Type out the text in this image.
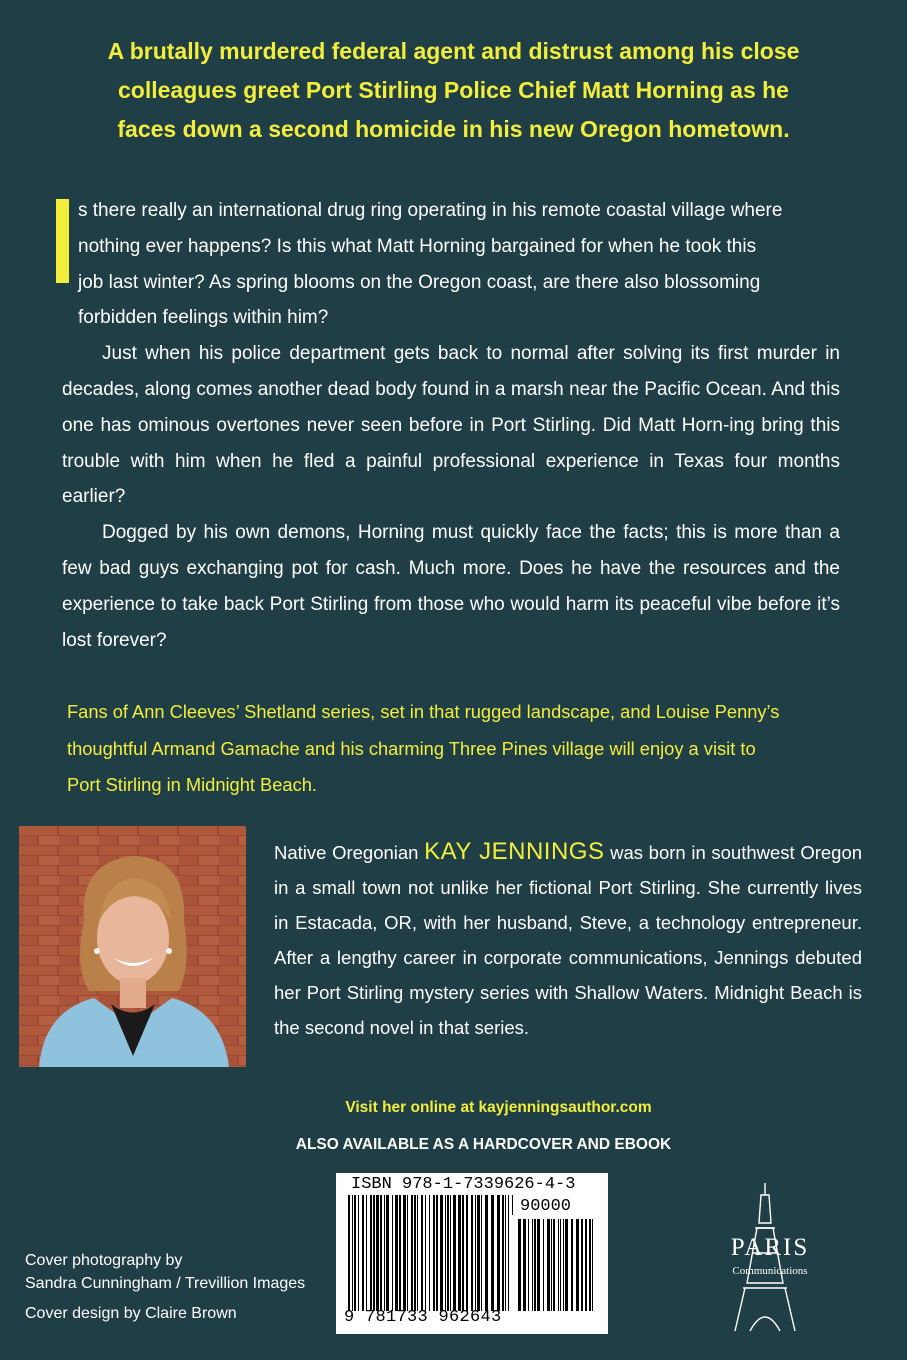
A brutally murdered federal agent and distrust among his close
colleagues greet Port Stirling Police Chief Matt Horning as he
faces down a second homicide in his new Oregon hometown.

s there really an international drug ring operating in his remote coastal village where
nothing ever happens? Is this what Matt Horning bargained for when he took this
job last winter? As spring blooms on the Oregon coast, are there also blossoming
forbidden feelings within him?

Just when his police department gets back to normal after solving its first murder in decades, along comes another dead body found in a marsh near the Pacific Ocean. And this one has ominous overtones never seen before in Port Stirling. Did Matt Horn-ing bring this trouble with him when he fled a painful professional experience in Texas four months earlier?

Dogged by his own demons, Horning must quickly face the facts; this is more than a few bad guys exchanging pot for cash. Much more. Does he have the resources and the experience to take back Port Stirling from those who would harm its peaceful vibe before it’s lost forever?

Fans of Ann Cleeves’ Shetland series, set in that rugged landscape, and Louise Penny’s
thoughtful Armand Gamache and his charming Three Pines village will enjoy a visit to
Port Stirling in Midnight Beach.
Native Oregonian KAY JENNINGS was born in southwest Oregon in a small town not unlike her fictional Port Stirling. She currently lives in Estacada, OR, with her husband, Steve, a technology entrepreneur. After a lengthy career in corporate communications, Jennings debuted her Port Stirling mystery series with Shallow Waters. Midnight Beach is the second novel in that series.
Visit her online at kayjenningsauthor.com
ALSO AVAILABLE AS A HARDCOVER AND EBOOK
ISBN 978-1-7339626-4-3
90000
9 781733 962643
Cover photography by
Sandra Cunningham / Trevillion Images
Cover design by Claire Brown
PARIS
Communications
